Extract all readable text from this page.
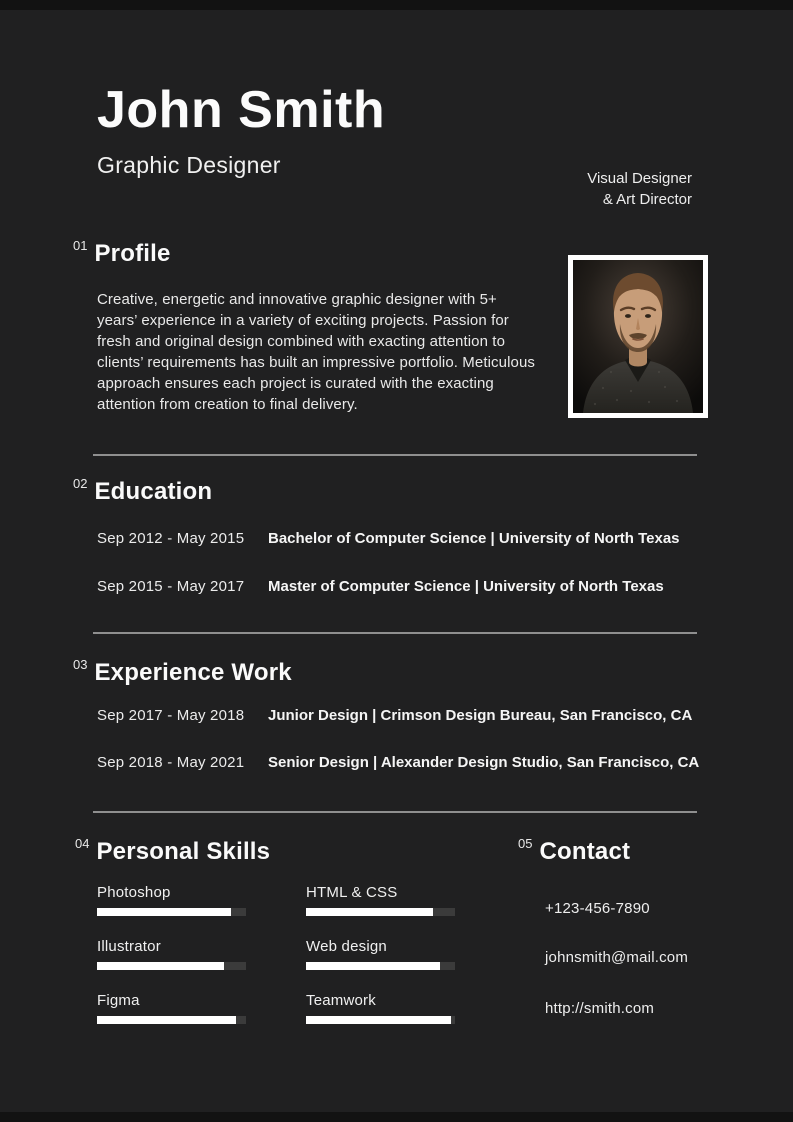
John Smith
Graphic Designer
Visual Designer
& Art Director
01 Profile

Creative, energetic and innovative graphic designer with 5+ years’ experience in a variety of exciting projects. Passion for fresh and original design combined with exacting attention to clients’ requirements has built an impressive portfolio. Meticulous approach ensures each project is curated with the exacting attention from creation to final delivery.

02 Education
Sep 2012 - May 2015 Bachelor of Computer Science | University of North Texas
Sep 2015 - May 2017 Master of Computer Science | University of North Texas
03 Experience Work
Sep 2017 - May 2018 Junior Design | Crimson Design Bureau, San Francisco, CA
Sep 2018 - May 2021 Senior Design | Alexander Design Studio, San Francisco, CA
04 Personal Skills
Photoshop	HTML & CSS
Illustrator	Web design
Figma	Teamwork
05 Contact
+123-456-7890
johnsmith@mail.com
http://smith.com
